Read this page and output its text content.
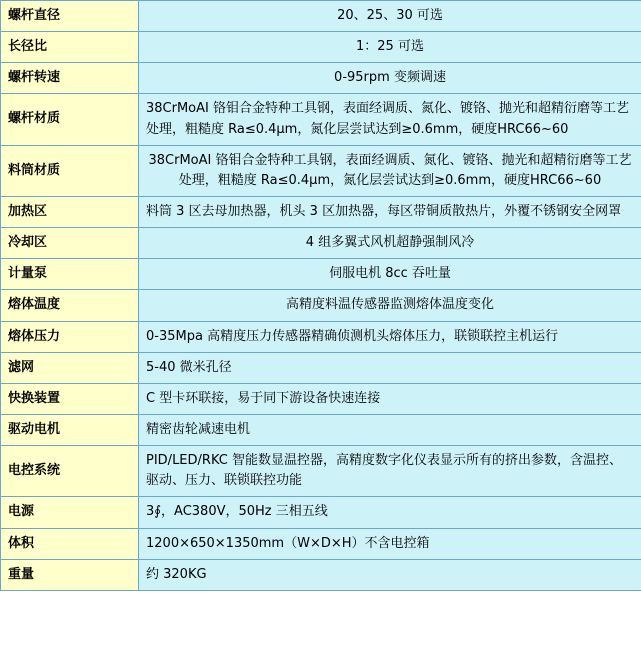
螺杆直径	20、25、30 可选
长径比	1：25 可选
螺杆转速	0-95rpm 变频调速
螺杆材质	38CrMoAI 铬钼合金特种工具钢，表面经调质、氮化、镀铬、抛光和超精衍磨等工艺处理，粗糙度 Ra≤0.4μm，氮化层尝试达到≥0.6mm，硬度HRC66~60
料筒材质	38CrMoAI 铬钼合金特种工具钢，表面经调质、氮化、镀铬、抛光和超精衍磨等工艺处理，粗糙度 Ra≤0.4μm，氮化层尝试达到≥0.6mm，硬度HRC66~60
加热区	料筒 3 区去母加热器，机头 3 区加热器，每区带铜质散热片，外覆不锈钢安全网罩
冷却区	4 组多翼式风机超静强制风冷
计量泵	伺服电机 8cc 吞吐量
熔体温度	高精度料温传感器监测熔体温度变化
熔体压力	0-35Mpa 高精度压力传感器精确侦测机头熔体压力，联锁联控主机运行
滤网	5-40 微米孔径
快换装置	C 型卡环联接，易于同下游设备快速连接
驱动电机	精密齿轮减速电机
电控系统	PID/LED/RKC 智能数显温控器，高精度数字化仪表显示所有的挤出参数，含温控、驱动、压力、联锁联控功能
电源	3∮，AC380V，50Hz 三相五线
体积	1200×650×1350mm（W×D×H）不含电控箱
重量	约 320KG
